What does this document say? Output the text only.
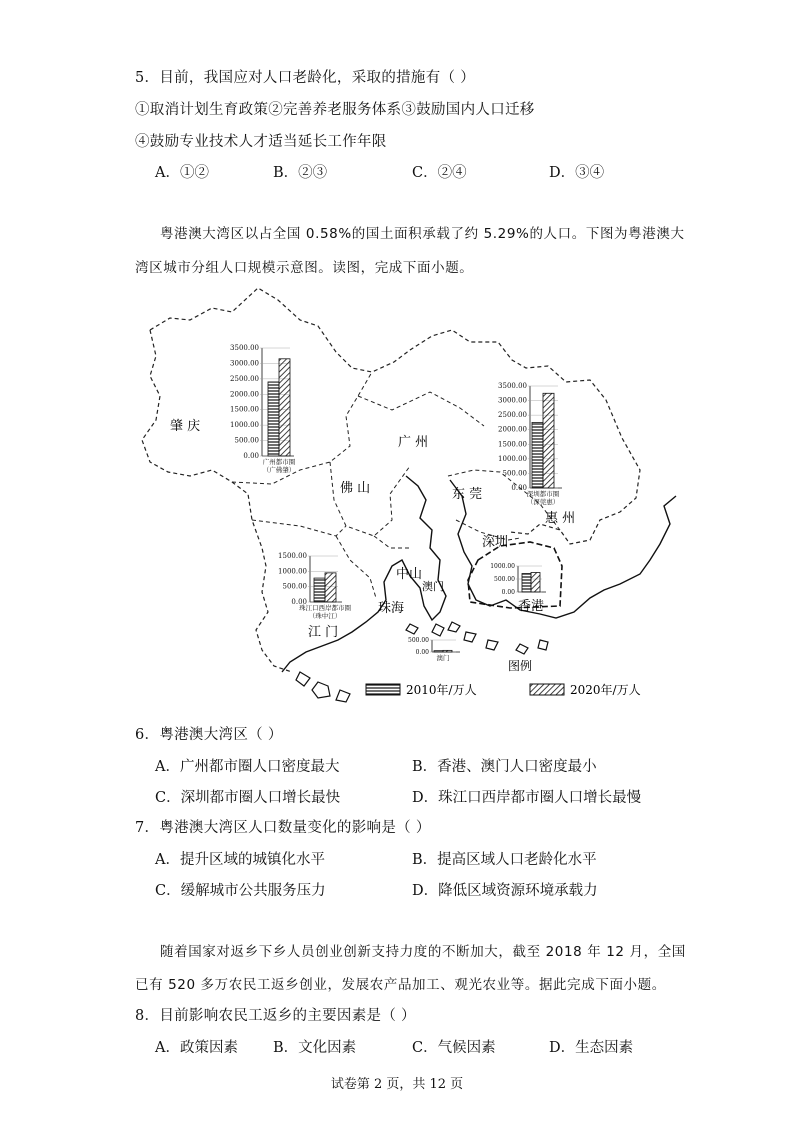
5．目前，我国应对人口老龄化，采取的措施有（ ）
①取消计划生育政策②完善养老服务体系③鼓励国内人口迁移
④鼓励专业技术人才适当延长工作年限
A．①②	B．②③	C．②④	D．③④
粤港澳大湾区以占全国 0.58%的国土面积承载了约 5.29%的人口。下图为粤港澳大
湾区城市分组人口规模示意图。读图，完成下面小题。
肇 庆
广 州
佛 山	东 莞
惠 州
深圳
中山
澳门
珠海
江 门
香港
3500.00
3000.00
2500.00
2000.00
1500.00
1000.00
500.00
0.00
广州都市圈
（广佛肇）
3500.00
3000.00
2500.00
2000.00
1500.00
1000.00
500.00
0.00
深圳都市圈
（深莞惠）
1500.00
1000.00
500.00
0.00
珠江口西岸都市圈
（珠中江）
1000.00
500.00
0.00
500.00
0.00
澳门
图例
2010年/万人	2020年/万人
6．粤港澳大湾区（ ）
A．广州都市圈人口密度最大	B．香港、澳门人口密度最小
C．深圳都市圈人口增长最快	D．珠江口西岸都市圈人口增长最慢
7．粤港澳大湾区人口数量变化的影响是（ ）
A．提升区域的城镇化水平	B．提高区域人口老龄化水平
C．缓解城市公共服务压力	D．降低区域资源环境承载力
随着国家对返乡下乡人员创业创新支持力度的不断加大，截至 2018 年 12 月，全国
已有 520 多万农民工返乡创业，发展农产品加工、观光农业等。据此完成下面小题。
8．目前影响农民工返乡的主要因素是（ ）
A．政策因素 B．文化因素	C．气候因素	D．生态因素
试卷第 2 页，共 12 页
